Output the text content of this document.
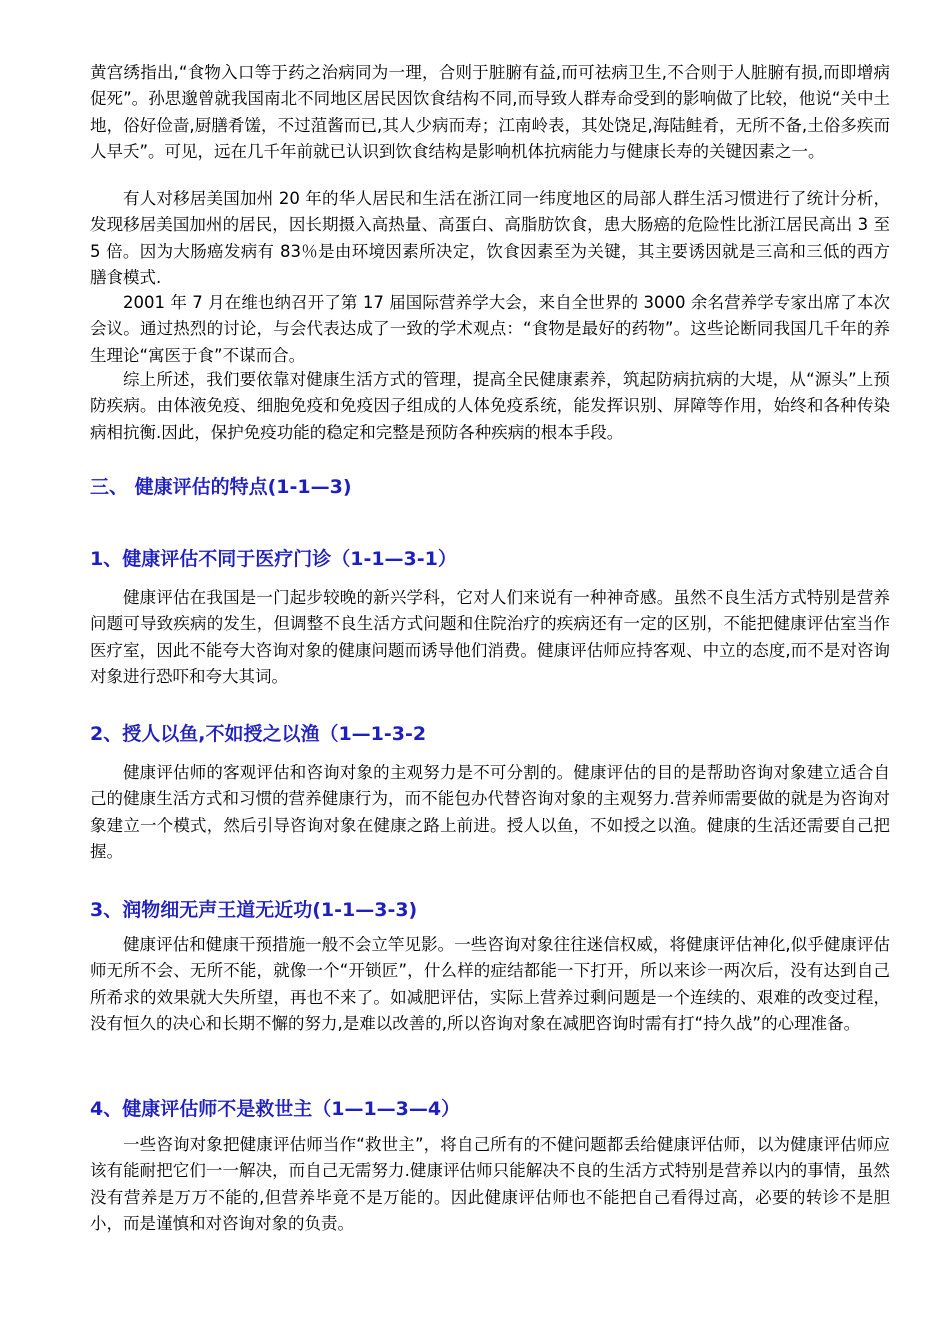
黄宫绣指出,“食物入口等于药之治病同为一理，合则于脏腑有益,而可祛病卫生,不合则于人脏腑有损,而即增病促死”。孙思邈曾就我国南北不同地区居民因饮食结构不同,而导致人群寿命受到的影响做了比较，他说“关中土地，俗好俭啬,厨膳肴馐，不过菹酱而已,其人少病而寿；江南岭表，其处饶足,海陆鲑肴，无所不备,土俗多疾而人早夭”。可见，远在几千年前就已认识到饮食结构是影响机体抗病能力与健康长寿的关键因素之一。

有人对移居美国加州 20 年的华人居民和生活在浙江同一纬度地区的局部人群生活习惯进行了统计分析，发现移居美国加州的居民，因长期摄入高热量、高蛋白、高脂肪饮食，患大肠癌的危险性比浙江居民高出 3 至 5 倍。因为大肠癌发病有 83％是由环境因素所决定，饮食因素至为关键，其主要诱因就是三高和三低的西方膳食模式.

2001 年 7 月在维也纳召开了第 17 届国际营养学大会，来自全世界的 3000 余名营养学专家出席了本次会议。通过热烈的讨论，与会代表达成了一致的学术观点：“食物是最好的药物”。这些论断同我国几千年的养生理论“寓医于食”不谋而合。

综上所述，我们要依靠对健康生活方式的管理，提高全民健康素养，筑起防病抗病的大堤，从“源头”上预防疾病。由体液免疫、细胞免疫和免疫因子组成的人体免疫系统，能发挥识别、屏障等作用，始终和各种传染病相抗衡.因此，保护免疫功能的稳定和完整是预防各种疾病的根本手段。

三、 健康评估的特点(1-1—3)
1、健康评估不同于医疗门诊（1-1—3-1）

健康评估在我国是一门起步较晚的新兴学科，它对人们来说有一种神奇感。虽然不良生活方式特别是营养问题可导致疾病的发生，但调整不良生活方式问题和住院治疗的疾病还有一定的区别，不能把健康评估室当作医疗室，因此不能夸大咨询对象的健康问题而诱导他们消费。健康评估师应持客观、中立的态度,而不是对咨询对象进行恐吓和夸大其词。

2、授人以鱼,不如授之以渔（1—1-3-2

健康评估师的客观评估和咨询对象的主观努力是不可分割的。健康评估的目的是帮助咨询对象建立适合自己的健康生活方式和习惯的营养健康行为，而不能包办代替咨询对象的主观努力.营养师需要做的就是为咨询对象建立一个模式，然后引导咨询对象在健康之路上前进。授人以鱼，不如授之以渔。健康的生活还需要自己把握。

3、润物细无声王道无近功(1-1—3-3)

健康评估和健康干预措施一般不会立竿见影。一些咨询对象往往迷信权威，将健康评估神化,似乎健康评估师无所不会、无所不能，就像一个“开锁匠”，什么样的症结都能一下打开，所以来诊一两次后，没有达到自己所希求的效果就大失所望，再也不来了。如减肥评估，实际上营养过剩问题是一个连续的、艰难的改变过程，没有恒久的决心和长期不懈的努力,是难以改善的,所以咨询对象在减肥咨询时需有打“持久战”的心理准备。

4、健康评估师不是救世主（1—1—3—4）

一些咨询对象把健康评估师当作“救世主”，将自己所有的不健问题都丢给健康评估师，以为健康评估师应该有能耐把它们一一解决，而自己无需努力.健康评估师只能解决不良的生活方式特别是营养以内的事情，虽然没有营养是万万不能的,但营养毕竟不是万能的。因此健康评估师也不能把自己看得过高，必要的转诊不是胆小，而是谨慎和对咨询对象的负责。
